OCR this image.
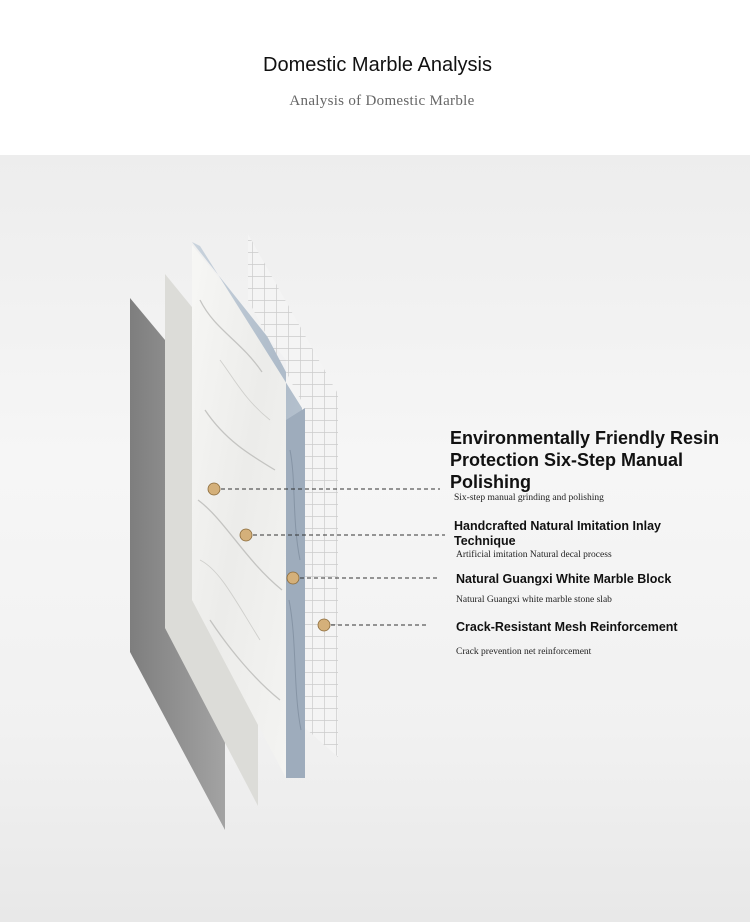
Domestic Marble Analysis
Analysis of Domestic Marble
Environmentally Friendly Resin Protection Six-Step Manual Polishing
Six-step manual grinding and polishing
Handcrafted Natural Imitation Inlay Technique
Artificial imitation Natural decal process
Natural Guangxi White Marble Block
Natural Guangxi white marble stone slab
Crack-Resistant Mesh Reinforcement
Crack prevention net reinforcement
